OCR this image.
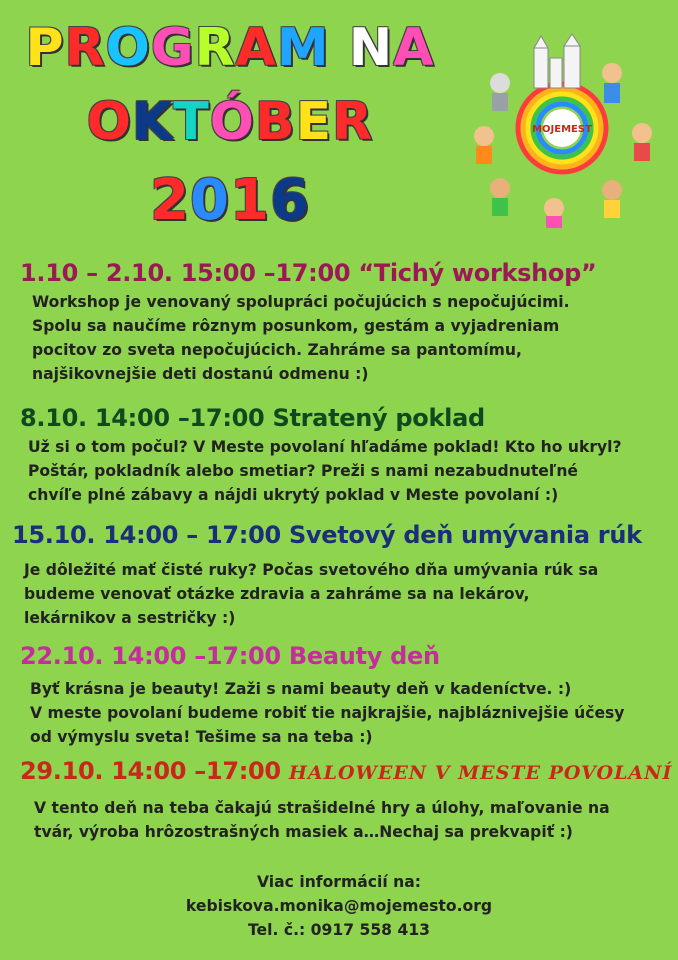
PROGRAM NA
OKTÓBER
2016
MOJEMEST
1.10 – 2.10. 15:00 –17:00 “Tichý workshop”
Workshop je venovaný spolupráci počujúcich s nepočujúcimi.
Spolu sa naučíme rôznym posunkom, gestám a vyjadreniam
pocitov zo sveta nepočujúcich. Zahráme sa pantomímu,
najšikovnejšie deti dostanú odmenu :)
8.10. 14:00 –17:00 Stratený poklad
Už si o tom počul? V Meste povolaní hľadáme poklad! Kto ho ukryl?
Poštár, pokladník alebo smetiar? Preži s nami nezabudnuteľné
chvíľe plné zábavy a nájdi ukrytý poklad v Meste povolaní :)
15.10. 14:00 – 17:00 Svetový deň umývania rúk
Je dôležité mať čisté ruky? Počas svetového dňa umývania rúk sa
budeme venovať otázke zdravia a zahráme sa na lekárov,
lekárnikov a sestričky :)
22.10. 14:00 –17:00 Beauty deň
Byť krásna je beauty! Zaži s nami beauty deň v kadeníctve. :)
V meste povolaní budeme robiť tie najkrajšie, najbláznivejšie účesy
od výmyslu sveta! Tešime sa na teba :)
29.10. 14:00 –17:00 HALOWEEN V MESTE POVOLANÍ
V tento deň na teba čakajú strašidelné hry a úlohy, maľovanie na
tvár, výroba hrôzostrašných masiek a…Nechaj sa prekvapiť :)
Viac informácií na:
kebiskova.monika@mojemesto.org
Tel. č.: 0917 558 413
